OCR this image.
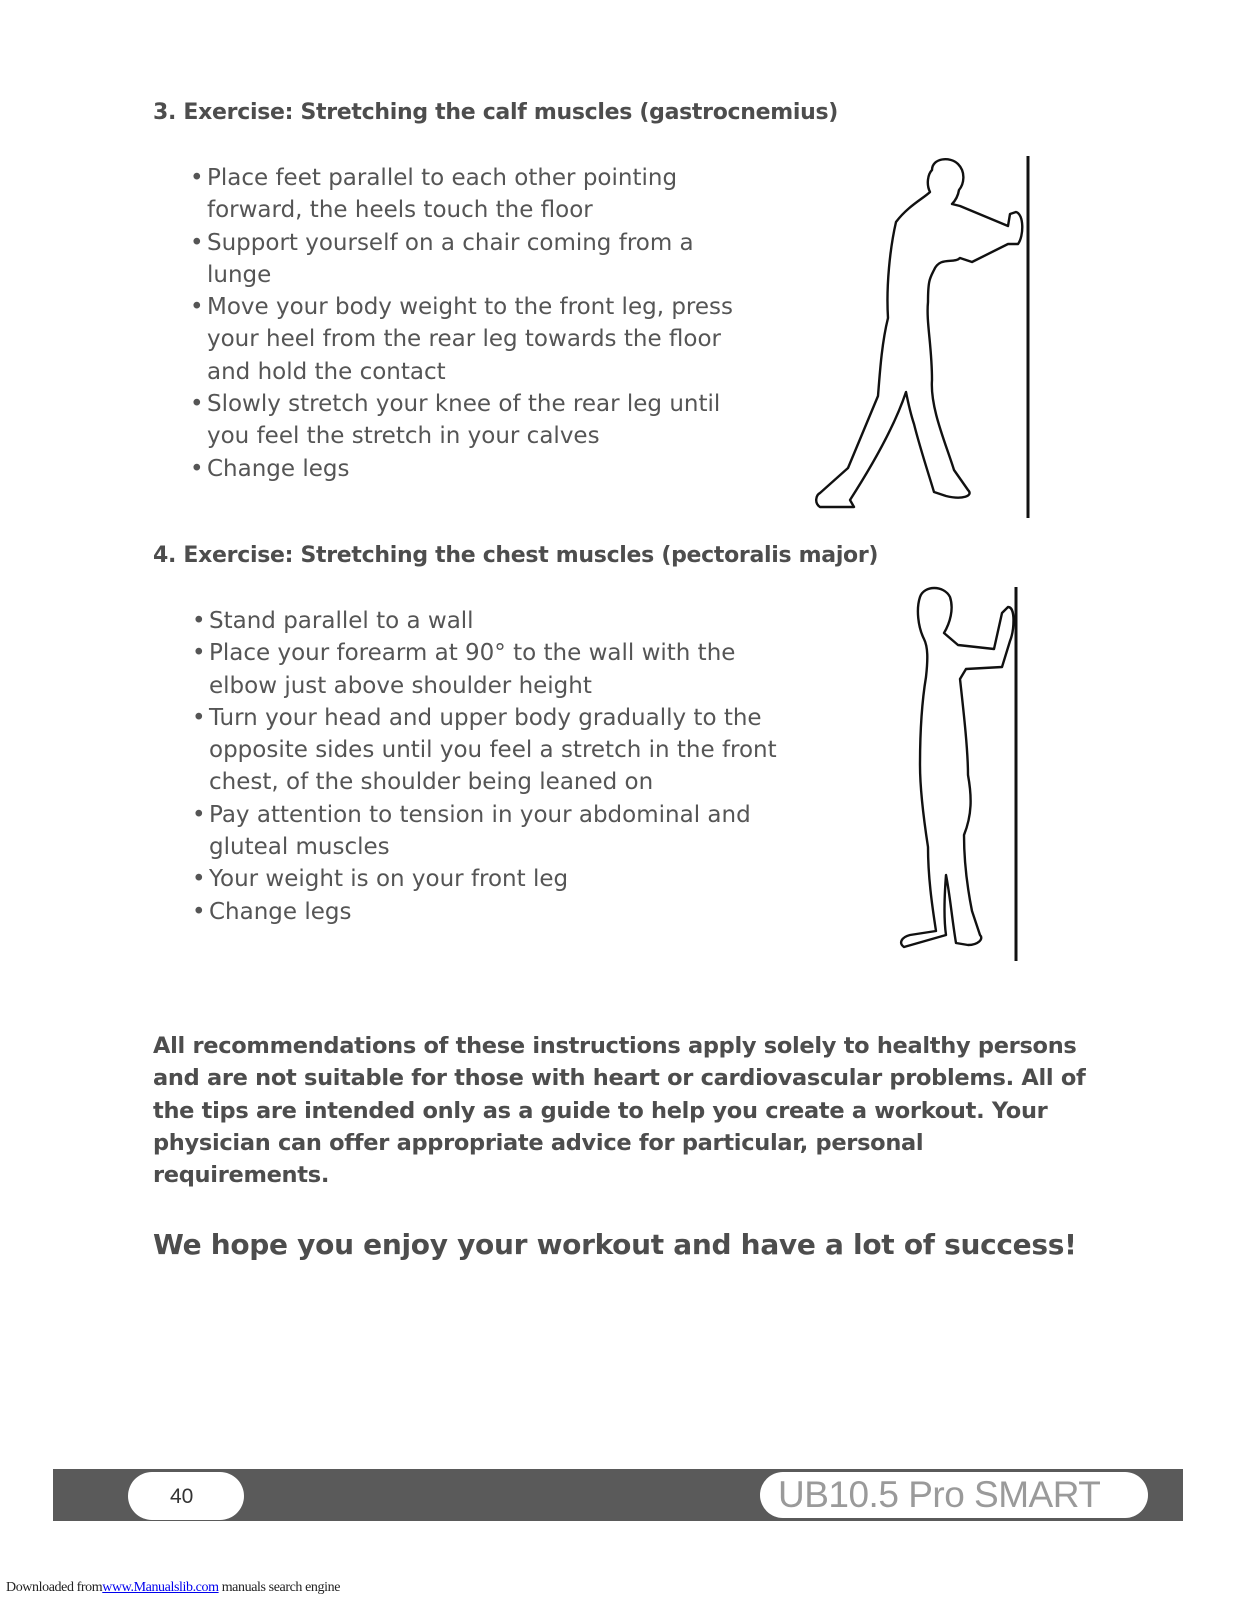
3. Exercise: Stretching the calf muscles (gastrocnemius)
• Place feet parallel to each other pointing forward, the heels touch the floor
• Support yourself on a chair coming from a lunge
• Move your body weight to the front leg, press your heel from the rear leg towards the floor and hold the contact
• Slowly stretch your knee of the rear leg until you feel the stretch in your calves
• Change legs
4. Exercise: Stretching the chest muscles (pectoralis major)
• Stand parallel to a wall
• Place your forearm at 90° to the wall with the elbow just above shoulder height
• Turn your head and upper body gradually to the opposite sides until you feel a stretch in the front chest, of the shoulder being leaned on
• Pay attention to tension in your abdominal and gluteal muscles
• Your weight is on your front leg
• Change legs

All recommendations of these instructions apply solely to healthy persons and are not suitable for those with heart or cardiovascular problems. All of the tips are intended only as a guide to help you create a workout. Your physician can offer appropriate advice for particular, personal requirements.

We hope you enjoy your workout and have a lot of success!

40	UB10.5 Pro SMART
Downloaded fromwww.Manualslib.com manuals search engine
